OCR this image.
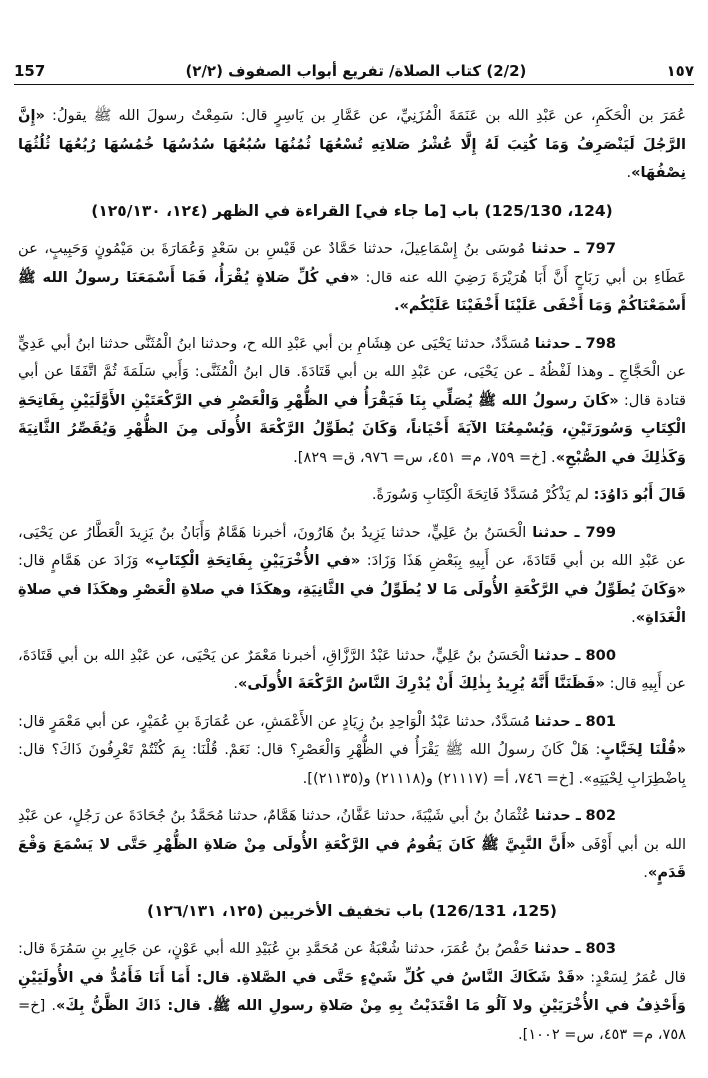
157	(2/2) كتاب الصلاة/ تفريع أبواب الصفوف (٢/٢)	١٥٧

عُمَرَ بن الْحَكَمِ، عن عَبْدِ الله بن عَنَمَةَ الْمُزَنِيِّ، عن عَمَّارِ بن يَاسِرٍ قال: سَمِعْتُ رسولَ الله ﷺ يقولُ: «إِنَّ الرَّجُلَ لَيَنْصَرِفُ وَمَا كُتِبَ لَهُ إِلَّا عُشْرُ صَلاتِهِ تُسْعُهَا ثُمُنُهَا سُبُعُهَا سُدُسُهَا خُمُسُهَا رُبُعُهَا ثُلُثُهَا نِصْفُهَا».

(124، 125/130) باب [ما جاء في] القراءة في الظهر (١٢٤، ١٢٥/١٣٠)

797 ـ حدثنا مُوسَى بنُ إِسْمَاعِيلَ، حدثنا حَمَّادٌ عن قَيْسِ بن سَعْدٍ وَعُمَارَةَ بن مَيْمُونٍ وَحَبِيبٍ، عن عَطَاءِ بن أبي رَبَاحٍ أَنَّ أَبَا هُرَيْرَةَ رَضِيَ الله عنه قال: «في كُلِّ صَلاةٍ يُقْرَأُ، فَمَا أَسْمَعَنَا رسولُ الله ﷺ أَسْمَعْنَاكُمْ وَمَا أَخْفَى عَلَيْنَا أَخْفَيْنَا عَلَيْكُم».

798 ـ حدثنا مُسَدَّدٌ، حدثنا يَحْيَى عن هِشَامِ بن أبي عَبْدِ الله ح، وحدثنا ابنُ الْمُثَنَّى حدثنا ابنُ أبي عَدِيٍّ عن الْحَجَّاجِ ـ وهذا لَفْظُهُ ـ عن يَحْيَى، عن عَبْدِ الله بن أبي قَتَادَةَ. قال ابنُ الْمُثَنَّى: وَأَبي سَلَمَةَ ثُمَّ اتَّفَقَا عن أبي قتادة قال: «كَانَ رسولُ الله ﷺ يُصَلِّي بِنَا فَيَقْرَأُ في الظُّهْرِ وَالْعَصْرِ في الرَّكْعَتَيْنِ الأَوَّلَيَيْنِ بِفَاتِحَةِ الْكِتَابِ وَسُورَتَيْنِ، وَيُسْمِعُنَا الآيَةَ أَحْيَاناً، وَكَانَ يُطَوِّلُ الرَّكْعَةَ الأُولَى مِنَ الظُّهْرِ وَيُقَصِّرُ الثَّانِيَةَ وَكَذٰلِكَ في الصُّبْحِ». [خ= ٧٥٩، م= ٤٥١، س= ٩٧٦، ق= ٨٢٩].

قَالَ أَبُو دَاوُدَ: لم يَذْكُرْ مُسَدَّدٌ فَاتِحَةَ الْكِتَابِ وَسُورَةً.

799 ـ حدثنا الْحَسَنُ بنُ عَلِيٍّ، حدثنا يَزِيدُ بنُ هَارُونَ، أخبرنا هَمَّامٌ وَأَبَانُ بنُ يَزِيدَ الْعَطَّارُ عن يَحْيَى، عن عَبْدِ الله بن أبي قَتَادَةَ، عن أَبِيهِ بِبَعْضِ هَذَا وَزَادَ: «في الأُخْرَيَيْنِ بِفَاتِحَةِ الْكِتَابِ» وَزَادَ عن هَمَّامٍ قال: «وَكَانَ يُطَوِّلُ في الرَّكْعَةِ الأُولَى مَا لا يُطَوِّلُ في الثَّانِيَةِ، وهكَذَا في صلاةِ الْعَصْرِ وهكَذَا في صلاةِ الْغَدَاةِ».

800 ـ حدثنا الْحَسَنُ بنُ عَلِيٍّ، حدثنا عَبْدُ الرَّزَّاقِ، أخبرنا مَعْمَرٌ عن يَحْيَى، عن عَبْدِ الله بن أبي قَتَادَةَ، عن أَبِيهِ قال: «فَظَنَنَّا أَنَّهُ يُرِيدُ بِذٰلِكَ أَنْ يُدْرِكَ النَّاسُ الرَّكْعَةَ الأُولَى».

801 ـ حدثنا مُسَدَّدٌ، حدثنا عَبْدُ الْوَاحِدِ بنُ زِيَادٍ عن الأَعْمَشِ، عن عُمَارَةَ بنِ عُمَيْرٍ، عن أبي مَعْمَرٍ قال: «قُلْنَا لِخَبَّابٍ: هَلْ كَانَ رسولُ الله ﷺ يَقْرَأُ في الظُّهْرِ وَالْعَصْرِ؟ قال: نَعَمْ. قُلْنَا: بِمَ كُنْتُمْ تَعْرِفُونَ ذَاكَ؟ قال: بِاضْطِرَابِ لِحْيَتِهِ». [خ= ٧٤٦، أ= (٢١١١٧) و(٢١١١٨) و(٢١١٣٥)].

802 ـ حدثنا عُثْمَانُ بنُ أبي شَيْبَةَ، حدثنا عَفَّانُ، حدثنا هَمَّامٌ، حدثنا مُحَمَّدُ بنُ جُحَادَةَ عن رَجُلٍ، عن عَبْدِ الله بن أبي أَوْفَى «أَنَّ النَّبِيَّ ﷺ كَانَ يَقُومُ في الرَّكْعَةِ الأُولَى مِنْ صَلاةِ الظُّهْرِ حَتَّى لا يَسْمَعَ وَقْعَ قَدَمٍ».

(125، 126/131) باب تخفيف الأخريين (١٢٥، ١٢٦/١٣١)

803 ـ حدثنا حَفْصُ بنُ عُمَرَ، حدثنا شُعْبَةُ عن مُحَمَّدِ بنِ عُبَيْدِ الله أبي عَوْنٍ، عن جَابِرِ بنِ سَمُرَةَ قال: قال عُمَرُ لِسَعْدٍ: «قَدْ شَكَاكَ النَّاسُ في كُلِّ شَيْءٍ حَتَّى في الصَّلاةِ. قال: أَمَا أَنَا فَأَمُدُّ في الأُولَيَيْنِ وَأَحْذِفُ في الأُخْرَيَيْنِ ولا آلُو مَا اقْتَدَيْتُ بِهِ مِنْ صَلاةِ رسولِ الله ﷺ. قال: ذَاكَ الظَّنُّ بِكَ». [خ= ٧٥٨، م= ٤٥٣، س= ١٠٠٢].
